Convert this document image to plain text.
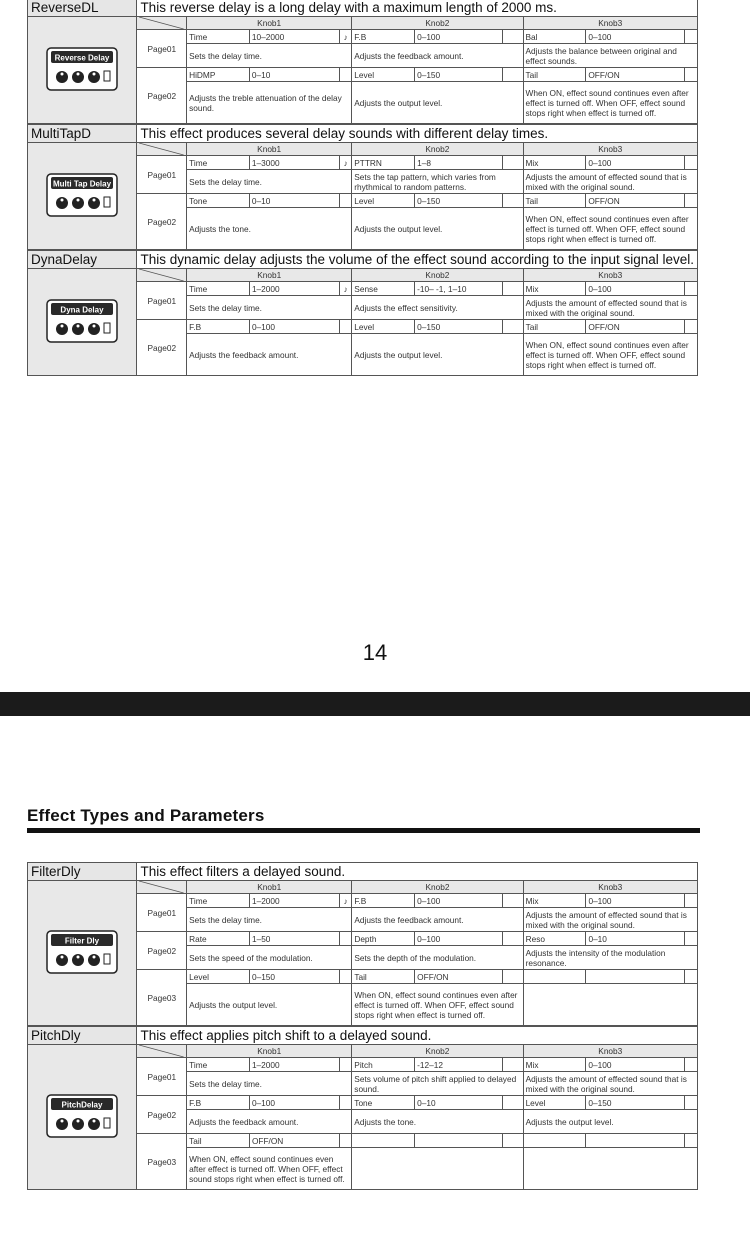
ReverseDL	This reverse delay is a long delay with a maximum length of 2000 ms.									

Reverse Delay		Knob1			Knob2			Knob3		
	Page01	Time	10–2000	♪	F.B	0–100		Bal	0–100	
		Sets the delay time.			Adjusts the feedback amount.			Adjusts the balance between original and effect sounds.		
	Page02	HiDMP	0–10		Level	0–150		Tail	OFF/ON	
		Adjusts the treble attenuation of the delay sound.			Adjusts the output level.			When ON, effect sound continues even after effect is turned off. When OFF, effect sound stops right when effect is turned off.		
MultiTapD	This effect produces several delay sounds with different delay times.									

Multi Tap Delay		Knob1			Knob2			Knob3		
	Page01	Time	1–3000	♪	PTTRN	1–8		Mix	0–100	
		Sets the delay time.			Sets the tap pattern, which varies from rhythmical to random patterns.			Adjusts the amount of effected sound that is mixed with the original sound.		
	Page02	Tone	0–10		Level	0–150		Tail	OFF/ON	
		Adjusts the tone.			Adjusts the output level.			When ON, effect sound continues even after effect is turned off. When OFF, effect sound stops right when effect is turned off.		
DynaDelay	This dynamic delay adjusts the volume of the effect sound according to the input signal level.									

Dyna Delay		Knob1			Knob2			Knob3		
	Page01	Time	1–2000	♪	Sense	-10– -1, 1–10		Mix	0–100	
		Sets the delay time.			Adjusts the effect sensitivity.			Adjusts the amount of effected sound that is mixed with the original sound.		
	Page02	F.B	0–100		Level	0–150		Tail	OFF/ON	
		Adjusts the feedback amount.			Adjusts the output level.			When ON, effect sound continues even after effect is turned off. When OFF, effect sound stops right when effect is turned off.		
14
Effect Types and Parameters
FilterDly	This effect filters a delayed sound.									

Filter Dly		Knob1			Knob2			Knob3		
	Page01	Time	1–2000	♪	F.B	0–100		Mix	0–100	
		Sets the delay time.			Adjusts the feedback amount.			Adjusts the amount of effected sound that is mixed with the original sound.		
	Page02	Rate	1–50		Depth	0–100		Reso	0–10	
		Sets the speed of the modulation.			Sets the depth of the modulation.			Adjusts the intensity of the modulation resonance.		
	Page03	Level	0–150		Tail	OFF/ON				
		Adjusts the output level.			When ON, effect sound continues even after effect is turned off. When OFF, effect sound stops right when effect is turned off.					
PitchDly	This effect applies pitch shift to a delayed sound.									

PitchDelay		Knob1			Knob2			Knob3		
	Page01	Time	1–2000		Pitch	-12–12		Mix	0–100	
		Sets the delay time.			Sets volume of pitch shift applied to delayed sound.			Adjusts the amount of effected sound that is mixed with the original sound.		
	Page02	F.B	0–100		Tone	0–10		Level	0–150	
		Adjusts the feedback amount.			Adjusts the tone.			Adjusts the output level.		
	Page03	Tail	OFF/ON							
		When ON, effect sound continues even after effect is turned off. When OFF, effect sound stops right when effect is turned off.								
